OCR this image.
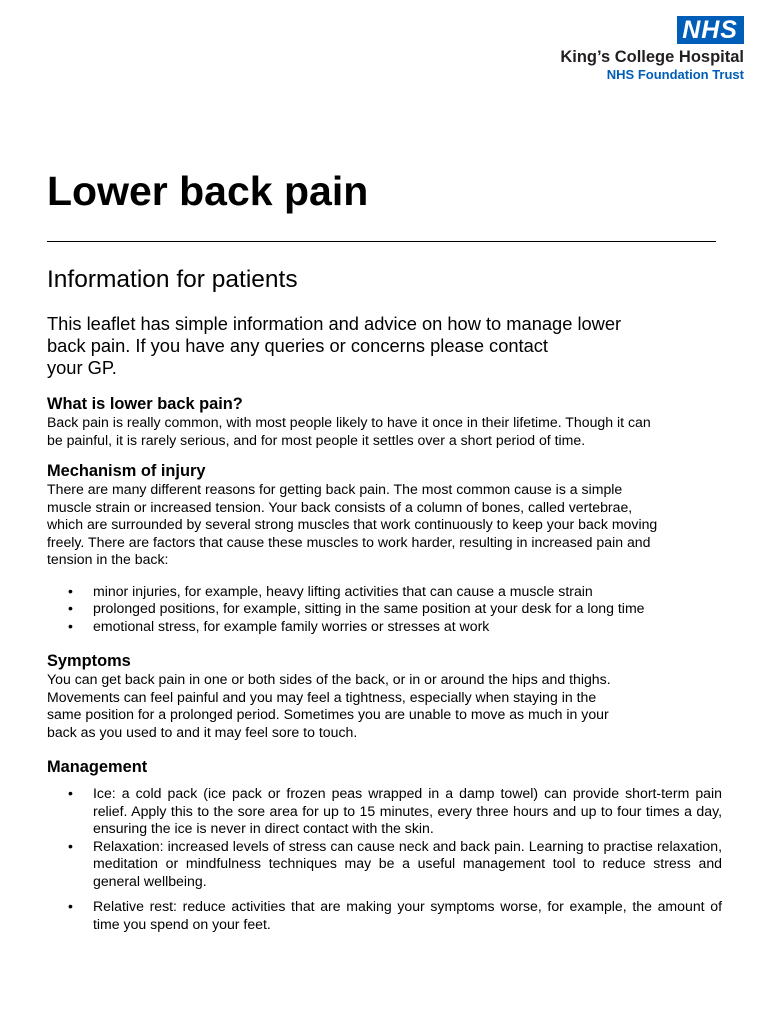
NHS
King’s College Hospital
NHS Foundation Trust
Lower back pain
Information for patients

This leaflet has simple information and advice on how to manage lower
back pain. If you have any queries or concerns please contact
your GP.

What is lower back pain?

Back pain is really common, with most people likely to have it once in their lifetime. Though it can
be painful, it is rarely serious, and for most people it settles over a short period of time.

Mechanism of injury

There are many different reasons for getting back pain. The most common cause is a simple
muscle strain or increased tension. Your back consists of a column of bones, called vertebrae,
which are surrounded by several strong muscles that work continuously to keep your back moving
freely. There are factors that cause these muscles to work harder, resulting in increased pain and
tension in the back:

• minor injuries, for example, heavy lifting activities that can cause a muscle strain
• prolonged positions, for example, sitting in the same position at your desk for a long time
• emotional stress, for example family worries or stresses at work
Symptoms

You can get back pain in one or both sides of the back, or in or around the hips and thighs.
Movements can feel painful and you may feel a tightness, especially when staying in the
same position for a prolonged period. Sometimes you are unable to move as much in your
back as you used to and it may feel sore to touch.

Management
• Ice: a cold pack (ice pack or frozen peas wrapped in a damp towel) can provide short-term pain relief. Apply this to the sore area for up to 15 minutes, every three hours and up to four times a day, ensuring the ice is never in direct contact with the skin.
• Relaxation: increased levels of stress can cause neck and back pain. Learning to practise relaxation, meditation or mindfulness techniques may be a useful management tool to reduce stress and general wellbeing.
• Relative rest: reduce activities that are making your symptoms worse, for example, the amount of time you spend on your feet.
